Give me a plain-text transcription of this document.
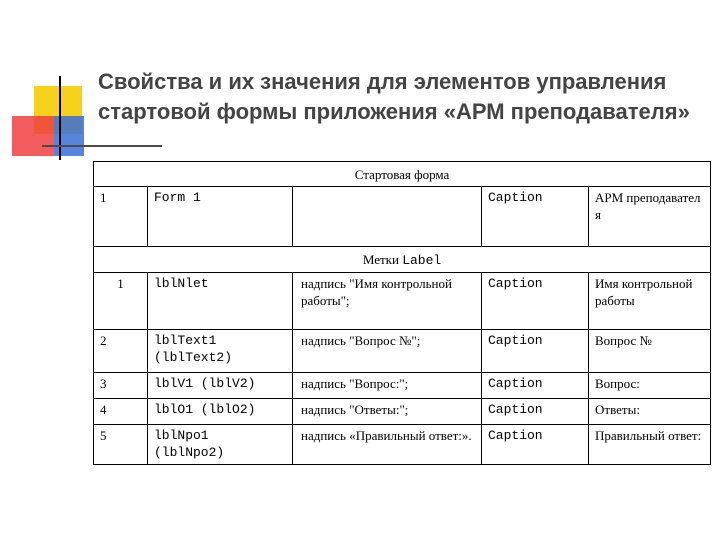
Свойства и их значения для элементов управления стартовой формы приложения «АРМ преподавателя»
Стартовая форма				
1	Form 1		Caption	АРМ преподавател я
Метки Label				
1	lblNlet	надпись "Имя контрольной работы";	Caption	Имя контрольной работы
2	lblText1 (lblText2)	надпись "Вопрос №";	Caption	Вопрос №
3	lblV1 (lblV2)	надпись "Вопрос:";	Caption	Вопрос:
4	lblO1 (lblO2)	надпись "Ответы:";	Caption	Ответы:
5	lblNpo1 (lblNpo2)	надпись «Правильный ответ:».	Caption	Правильный ответ:
